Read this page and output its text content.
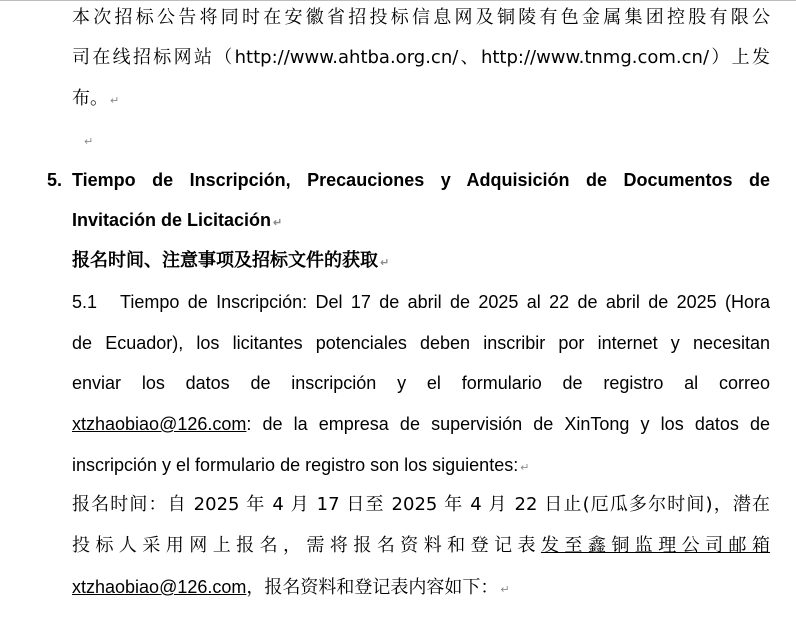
本次招标公告将同时在安徽省招投标信息网及铜陵有色金属集团控股有限公
司在线招标网站（http://www.ahtba.org.cn/、http://www.tnmg.com.cn/）上发
布。 ↵
↵
5. Tiempo de Inscripción, Precauciones y Adquisición de Documentos de
Invitación de Licitación ↵
报名时间、注意事项及招标文件的获取 ↵
5.1 Tiempo de Inscripción: Del 17 de abril de 2025 al 22 de abril de 2025 (Hora
de Ecuador), los licitantes potenciales deben inscribir por internet y necesitan
enviar los datos de inscripción y el formulario de registro al correo
xtzhaobiao@126.com: de la empresa de supervisión de XinTong y los datos de
inscripción y el formulario de registro son los siguientes: ↵
报名时间：自 2025 年 4 月 17 日至 2025 年 4 月 22 日止(厄瓜多尔时间)，潜在
投标人采用网上报名，需将报名资料和登记表发至鑫铜监理公司邮箱
xtzhaobiao@126.com，报名资料和登记表内容如下： ↵
